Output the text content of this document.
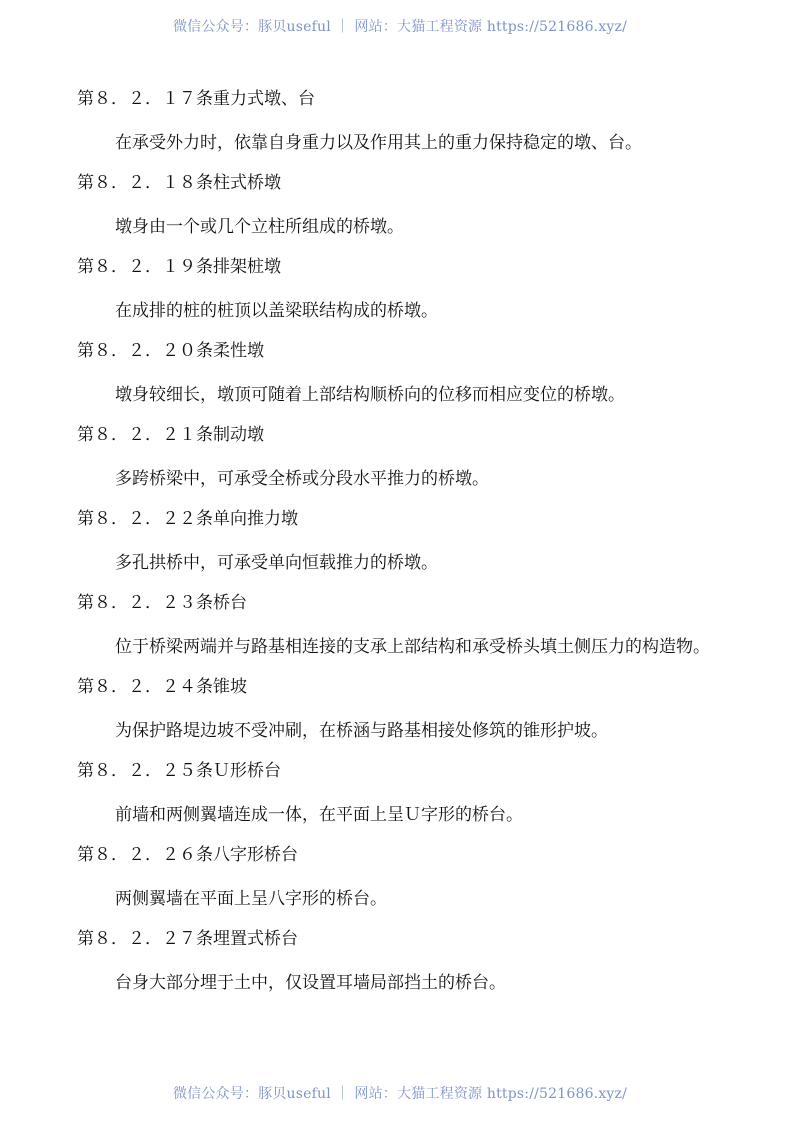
微信公众号：豚贝useful ｜ 网站：大猫工程资源 https://521686.xyz/
第８．２．１７条重力式墩、台

在承受外力时，依靠自身重力以及作用其上的重力保持稳定的墩、台。

第８．２．１８条柱式桥墩

墩身由一个或几个立柱所组成的桥墩。

第８．２．１９条排架桩墩

在成排的桩的桩顶以盖梁联结构成的桥墩。

第８．２．２０条柔性墩

墩身较细长，墩顶可随着上部结构顺桥向的位移而相应变位的桥墩。

第８．２．２１条制动墩

多跨桥梁中，可承受全桥或分段水平推力的桥墩。

第８．２．２２条单向推力墩

多孔拱桥中，可承受单向恒载推力的桥墩。

第８．２．２３条桥台

位于桥梁两端并与路基相连接的支承上部结构和承受桥头填土侧压力的构造物。

第８．２．２４条锥坡

为保护路堤边坡不受冲刷，在桥涵与路基相接处修筑的锥形护坡。

第８．２．２５条Ｕ形桥台

前墙和两侧翼墙连成一体，在平面上呈Ｕ字形的桥台。

第８．２．２６条八字形桥台

两侧翼墙在平面上呈八字形的桥台。

第８．２．２７条埋置式桥台

台身大部分埋于土中，仅设置耳墙局部挡土的桥台。

微信公众号：豚贝useful ｜ 网站：大猫工程资源 https://521686.xyz/
